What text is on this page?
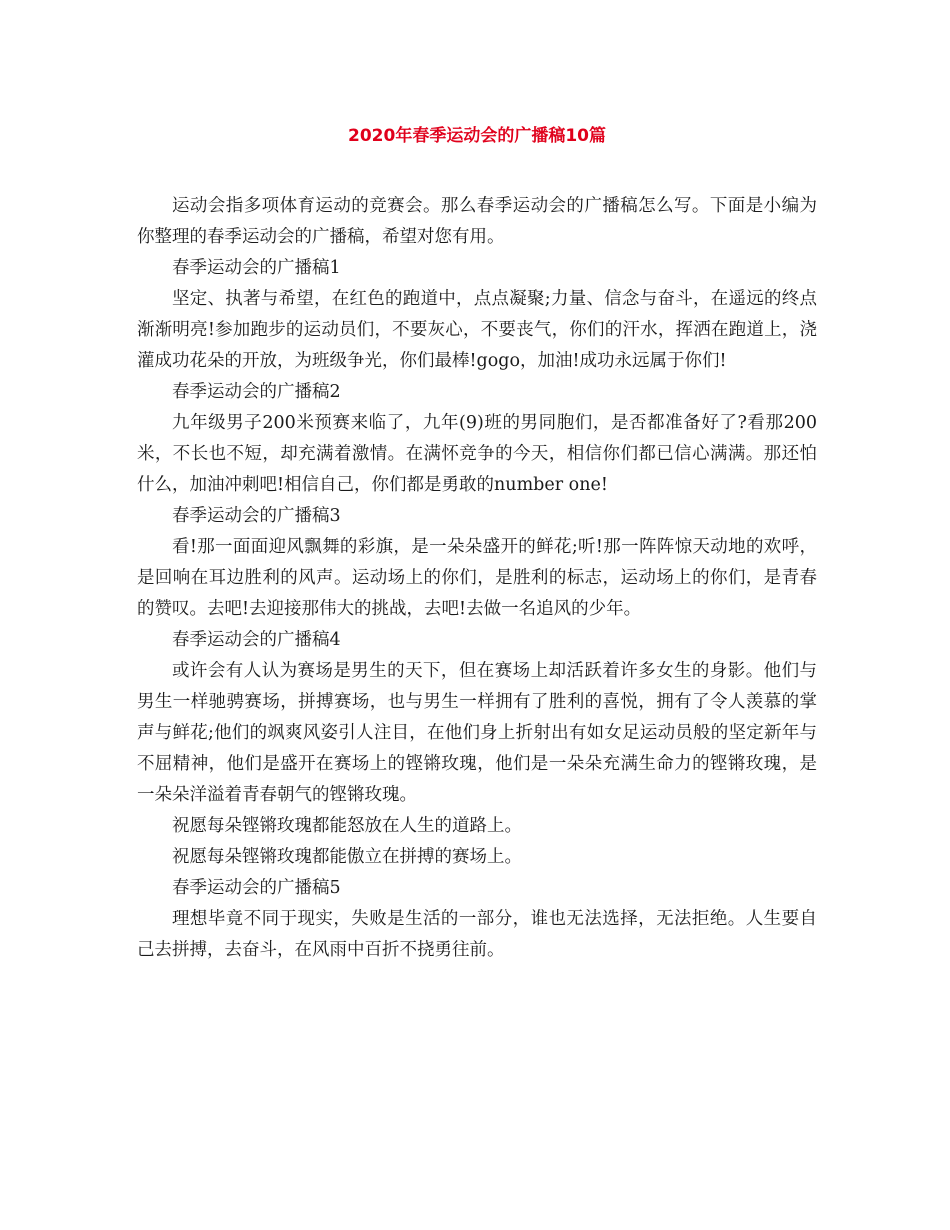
2020年春季运动会的广播稿10篇

运动会指多项体育运动的竞赛会。那么春季运动会的广播稿怎么写。下面是小编为你整理的春季运动会的广播稿，希望对您有用。

春季运动会的广播稿1

坚定、执著与希望，在红色的跑道中，点点凝聚;力量、信念与奋斗，在遥远的终点渐渐明亮!参加跑步的运动员们，不要灰心，不要丧气，你们的汗水，挥洒在跑道上，浇灌成功花朵的开放，为班级争光，你们最棒!gogo，加油!成功永远属于你们!

春季运动会的广播稿2

九年级男子200米预赛来临了，九年(9)班的男同胞们，是否都准备好了?看那200米，不长也不短，却充满着激情。在满怀竞争的今天，相信你们都已信心满满。那还怕什么，加油冲刺吧!相信自己，你们都是勇敢的number one!

春季运动会的广播稿3

看!那一面面迎风飘舞的彩旗，是一朵朵盛开的鲜花;听!那一阵阵惊天动地的欢呼，是回响在耳边胜利的风声。运动场上的你们，是胜利的标志，运动场上的你们，是青春的赞叹。去吧!去迎接那伟大的挑战，去吧!去做一名追风的少年。

春季运动会的广播稿4

或许会有人认为赛场是男生的天下，但在赛场上却活跃着许多女生的身影。他们与男生一样驰骋赛场，拼搏赛场，也与男生一样拥有了胜利的喜悦，拥有了令人羡慕的掌声与鲜花;他们的飒爽风姿引人注目，在他们身上折射出有如女足运动员般的坚定新年与不屈精神，他们是盛开在赛场上的铿锵玫瑰，他们是一朵朵充满生命力的铿锵玫瑰，是一朵朵洋溢着青春朝气的铿锵玫瑰。

祝愿每朵铿锵玫瑰都能怒放在人生的道路上。

祝愿每朵铿锵玫瑰都能傲立在拼搏的赛场上。

春季运动会的广播稿5

理想毕竟不同于现实，失败是生活的一部分，谁也无法选择，无法拒绝。人生要自己去拼搏，去奋斗，在风雨中百折不挠勇往前。
